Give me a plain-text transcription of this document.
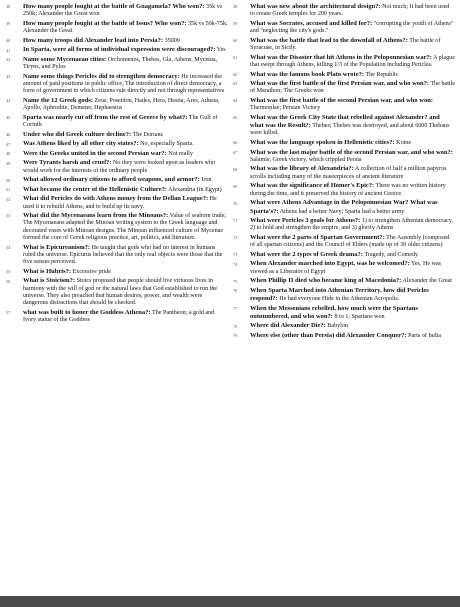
38	How many people fought at the battle of Guagamela? Who won?: 35k vs 250k; Alexander the Great won
39	How many people fought at the battle of Issus? Who won?: 35k vs 50k-75k; Alexander the Great
40	How many troops did Alexander lead into Persia?: 35000
41	In Sparta, were all forms of individual expression were discouraged?: Yes
42	Name some Mycenaean cities: Orchomenos, Thebes, Gla, Athens, Mycenia, Tiryns, and Pylos
43	Name some things Pericles did to strengthen democracy: He increased the amount of paid positions in public office, The introduction of direct democracy, a form of government in which citizens rule directly and not through representatives
44	Name the 12 Greek gods: Zeus, Poseidon, Hades, Hera, Hestia, Ares, Athena, Apollo, Aphrodite, Demeter, Hephaestus
45	Sparta was nearly cut off from the rest of Greece by what?: The Gulf of Corinth
46	Under who did Greek culture decline?: The Dorians
47	Was Athens liked by all other city states?: No, especially Sparta.
48	Were the Greeks united in the second Persian war?: Not really
49	Were Tyrants harsh and cruel?: No they were looked upon as leaders who would work for the interests of the ordinary people
50	What allowed ordinary citizens to afford weapons, and armor?: Iron
51	What became the center of the Hellenistic Culture?: Alexandria (in Egypt)
52	What did Pericles do with Athens money from the Dellan League?: He used it to rebuild Athens, and to build up its navy.
53	What did the Mycenaeans learn from the Minoans?: Value of seaborn trade; The Mycenaeans adapted the Minoan writing system to the Greek language and decorated vases with Minoan designs. The Minoan influenced culture of Mycenae formed the core of Greek religious practice, art, politics, and literature.
54	What is Epicureanism?: He taught that gods who had no interest in humans ruled the universe. Epicurus believed that the only real objects were those that the five senses perceived.
55	What is Hubris?: Excessive pride
56	What is Stoicism?: Stoics proposed that people should live virtuous lives in harmony with the will of god or the natural laws that God established to run the universe. They also preached that human desires, power, and wealth were dangerous distractions that should be checked.
57	what was built to honer the Goddess Athena?: The Pantheon; a gold and Ivory statue of the Goddess
58	What was new about the architectural design?: Not much; It had been used to create Greek temples for 200 years.
59	What was Socrates, accused and killed for?: "corrupting the youth of Athens" and "neglecting the city's gods."
60	What was the battle that lead to the downfall of Athens?: The battle of Syracuse, in Sicily.
61	What was the Disaster that hit Athens in the Peloponnesian war?: A plague that swept through Athens, killing 1/3 of the Population including Pericles.
62	What was the famous book Plato wrote?: The Republic
63	What was the first battle of the first Persian war, and who won?: The battle of Marathon; The Greeks won
64	What was the first battle of the second Persian war, and who won: Thermoplae; Persian Victory
65	What was the Greek City State that rebelled against Alexander? and what was the Result?: Thebes; Thebes was destroyed, and about 6000 Thebans were killed.
66	What was the language spoken in Hellenistic cities?: Koine
67	What was the last major battle of the second Persian war, and who won?: Salamis; Greek victory, which crippled Persia
68	What was the library of Alexandria?: A collection of half a million papyrus scrolls including many of the masterpieces of ancient literature
69	What was the significance of Homer's Epic?: There was no written history during the time, and it preserved the history of ancient Greece.
70	What were Athens Advantage in the Peloponnesian War? What was Sparta's?: Athens had a better Navy; Sparta had a better army
71	What were Pericles 3 goals for Athens?: 1) to strengthen Athenian democracy, 2) to hold and strengthen the empire, and 3) glorify Athens
72	What were the 2 parts of Spartan Government?: The Assembly (composed of all spartan citizens) and the Council of Elders (made up of 30 older citizens)
73	What were the 2 types of Greek drama?: Tragedy, and Comedy
74	When Alexander marched into Egypt, was he welcomed?: Yes, He was viewed as a Liberator of Egypt
75	When Phillip II died who became king of Macedonia?: Alexander the Great
76	When Sparta Marched into Athenian Territory, how did Pericles respond?: He had everyone Hide in the Athenian Acropolis.
77	When the Messenians rebelled, how much were the Spartans outnumbered, and who won?: 8 to 1; Spartans won
78	Where did Alexander Die?: Babylon
79	Where else (other than Persia) did Alexander Conquer?: Parts of India
